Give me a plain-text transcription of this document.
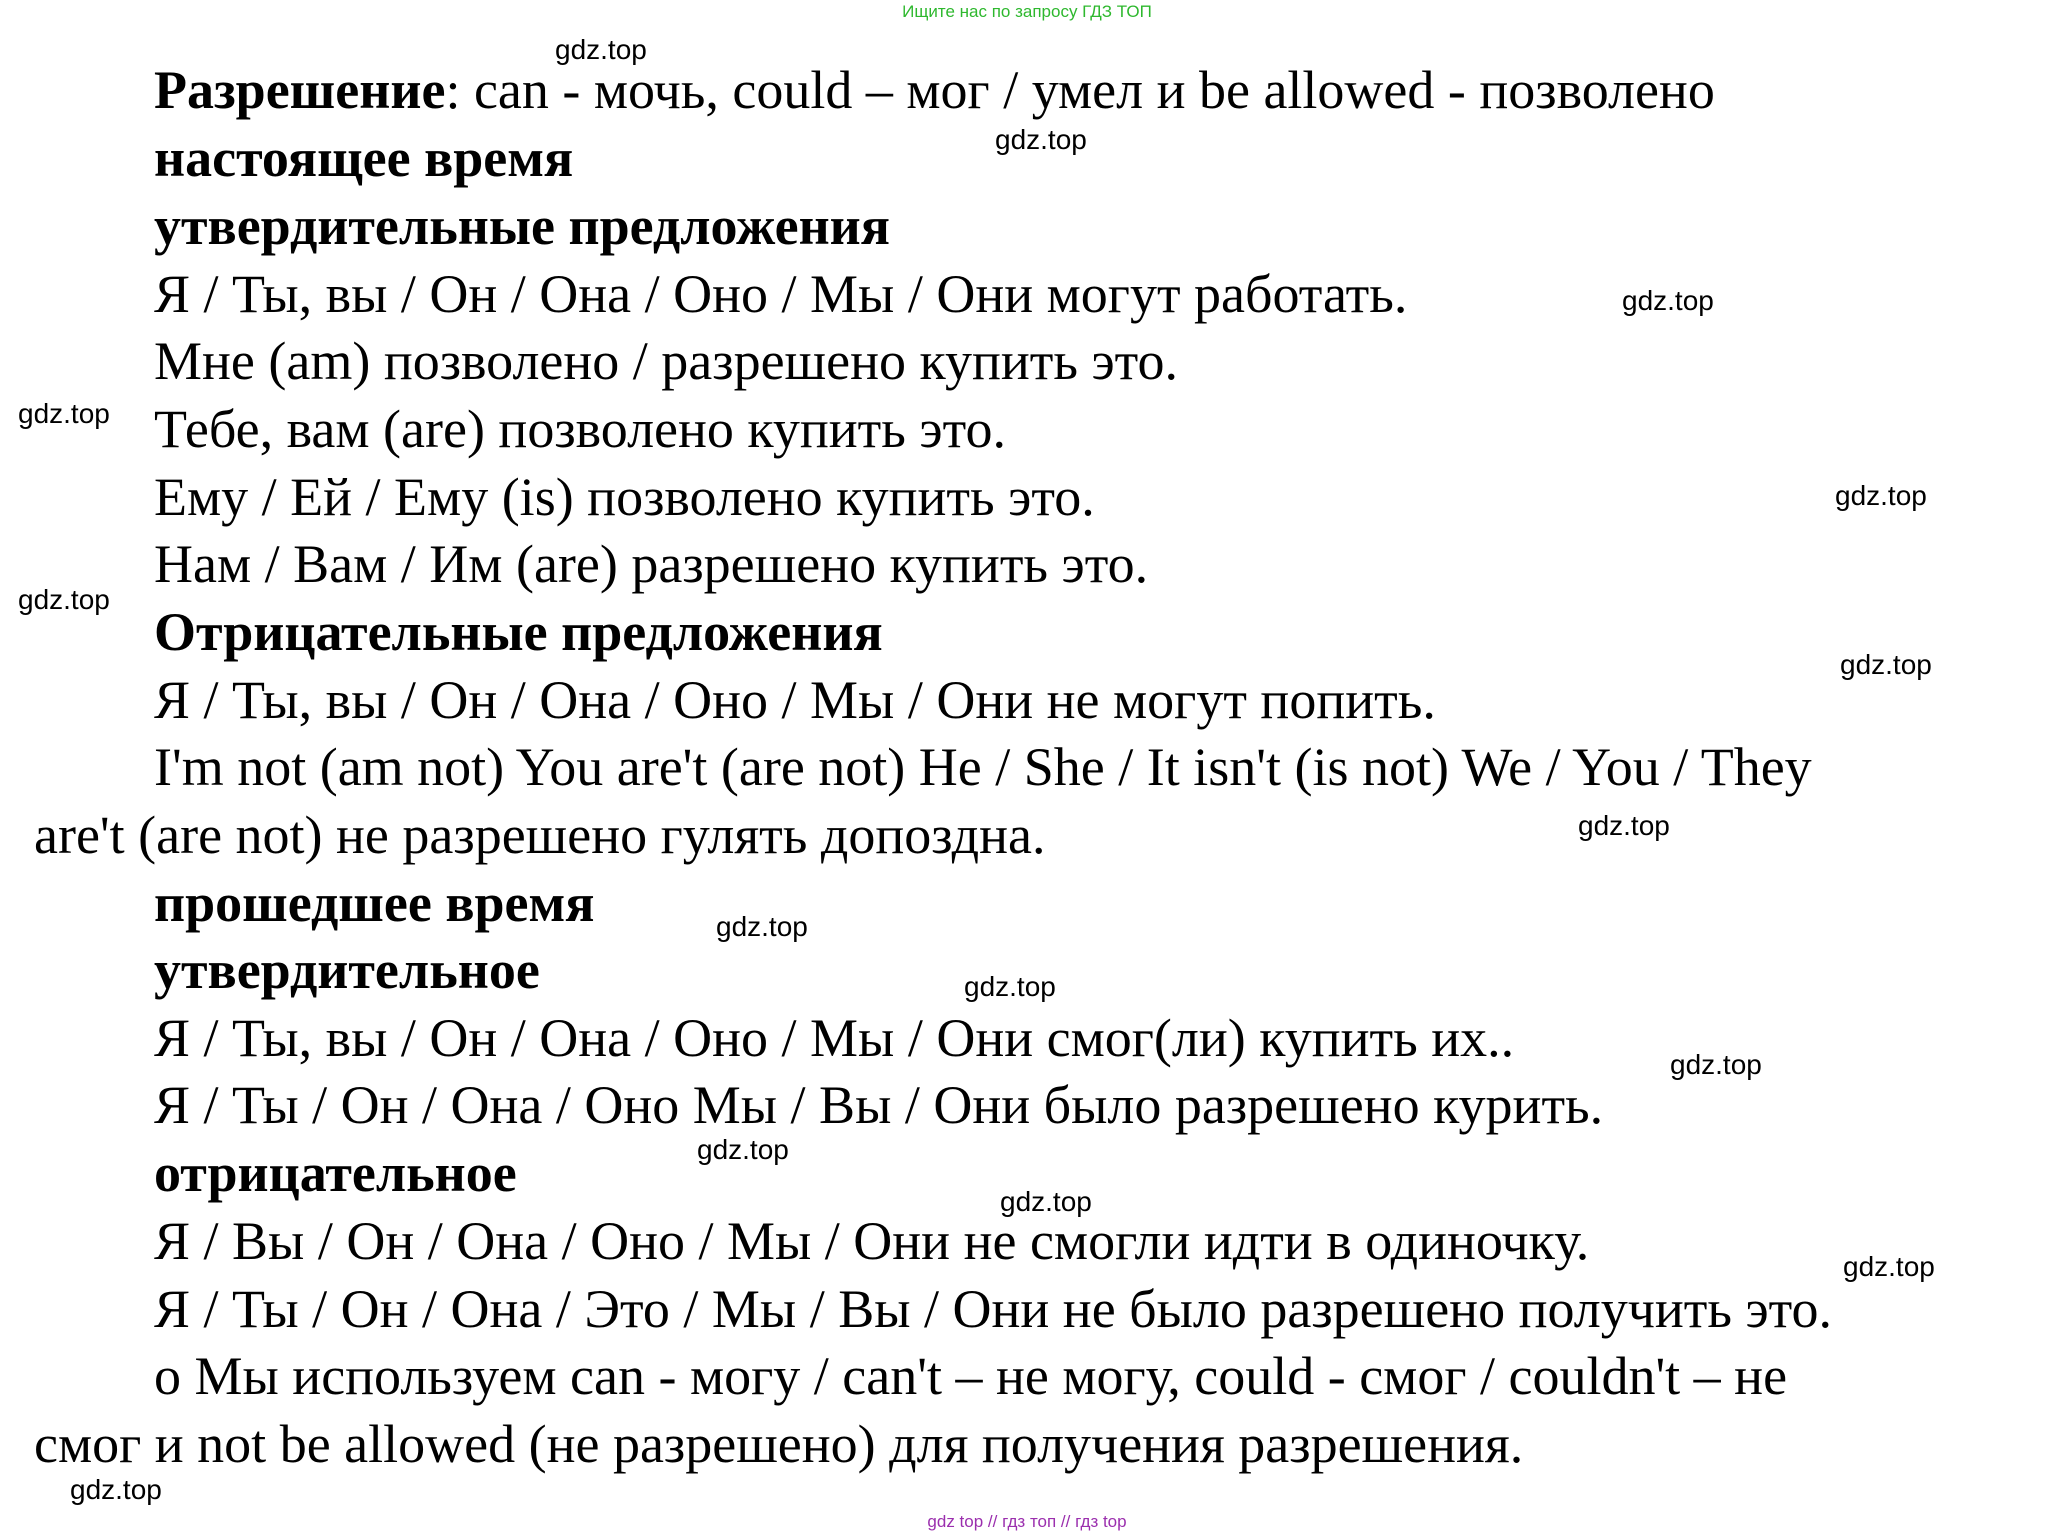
Ищите нас по запросу ГДЗ ТОП
Разрешение: can - мочь, could – мог / умел и be allowed - позволено
настоящее время
утвердительные предложения
Я / Ты, вы / Он / Она / Оно / Мы / Они могут работать.
Мне (am) позволено / разрешено купить это.
Тебе, вам (are) позволено купить это.
Ему / Ей / Ему (is) позволено купить это.
Нам / Вам / Им (are) разрешено купить это.
Отрицательные предложения
Я / Ты, вы / Он / Она / Оно / Мы / Они не могут попить.
I'm not (am not) You are't (are not) He / She / It isn't (is not) We / You / They
are't (are not) не разрешено гулять допоздна.
прошедшее время
утвердительное
Я / Ты, вы / Он / Она / Оно / Мы / Они смог(ли) купить их..
Я / Ты / Он / Она / Оно Мы / Вы / Они было разрешено курить.
отрицательное
Я / Вы / Он / Она / Оно / Мы / Они не смогли идти в одиночку.
Я / Ты / Он / Она / Это / Мы / Вы / Они не было разрешено получить это.
о Мы используем can - могу / can't – не могу, could - смог / couldn't – не
смог и not be allowed (не разрешено) для получения разрешения.
gdz.top
gdz.top
gdz.top
gdz.top
gdz.top
gdz.top
gdz.top
gdz.top
gdz.top
gdz.top
gdz.top
gdz.top
gdz.top
gdz.top
gdz.top
gdz top // гдз топ // гдз top
